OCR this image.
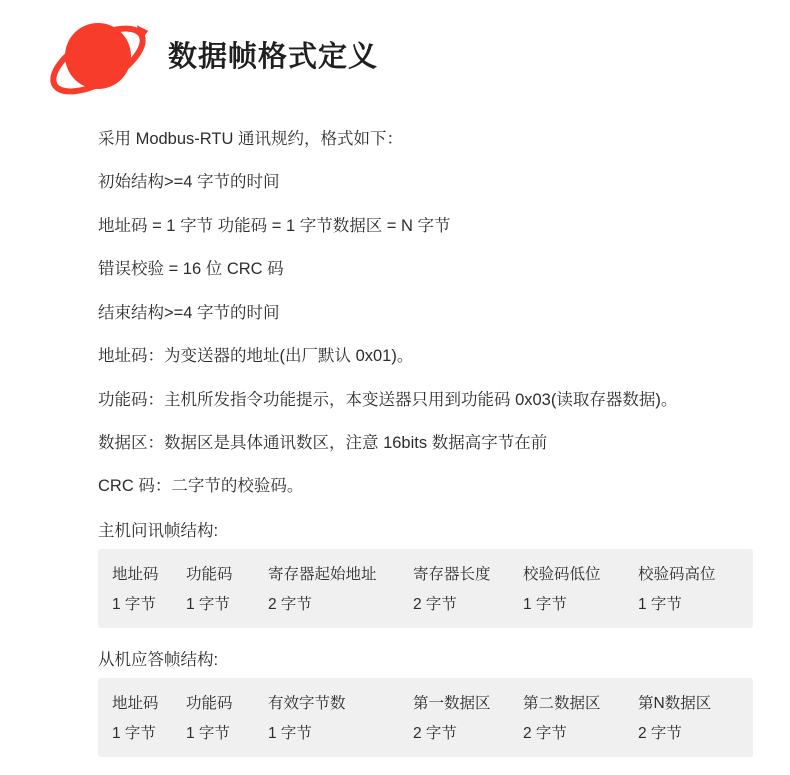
数据帧格式定义

采用 Modbus-RTU 通讯规约，格式如下：

初始结构>=4 字节的时间

地址码 = 1 字节 功能码 = 1 字节数据区 = N 字节

错误校验 = 16 位 CRC 码

结束结构>=4 字节的时间

地址码：为变送器的地址(出厂默认 0x01)。

功能码：主机所发指令功能提示，本变送器只用到功能码 0x03(读取存器数据)。

数据区：数据区是具体通讯数区，注意 16bits 数据高字节在前

CRC 码：二字节的校验码。

主机问讯帧结构:
地址码	功能码	寄存器起始地址	寄存器长度	校验码低位	校验码高位
1 字节	1 字节	2 字节	2 字节	1 字节	1 字节
从机应答帧结构:
地址码	功能码	有效字节数	第一数据区	第二数据区	第N数据区
1 字节	1 字节	1 字节	2 字节	2 字节	2 字节
